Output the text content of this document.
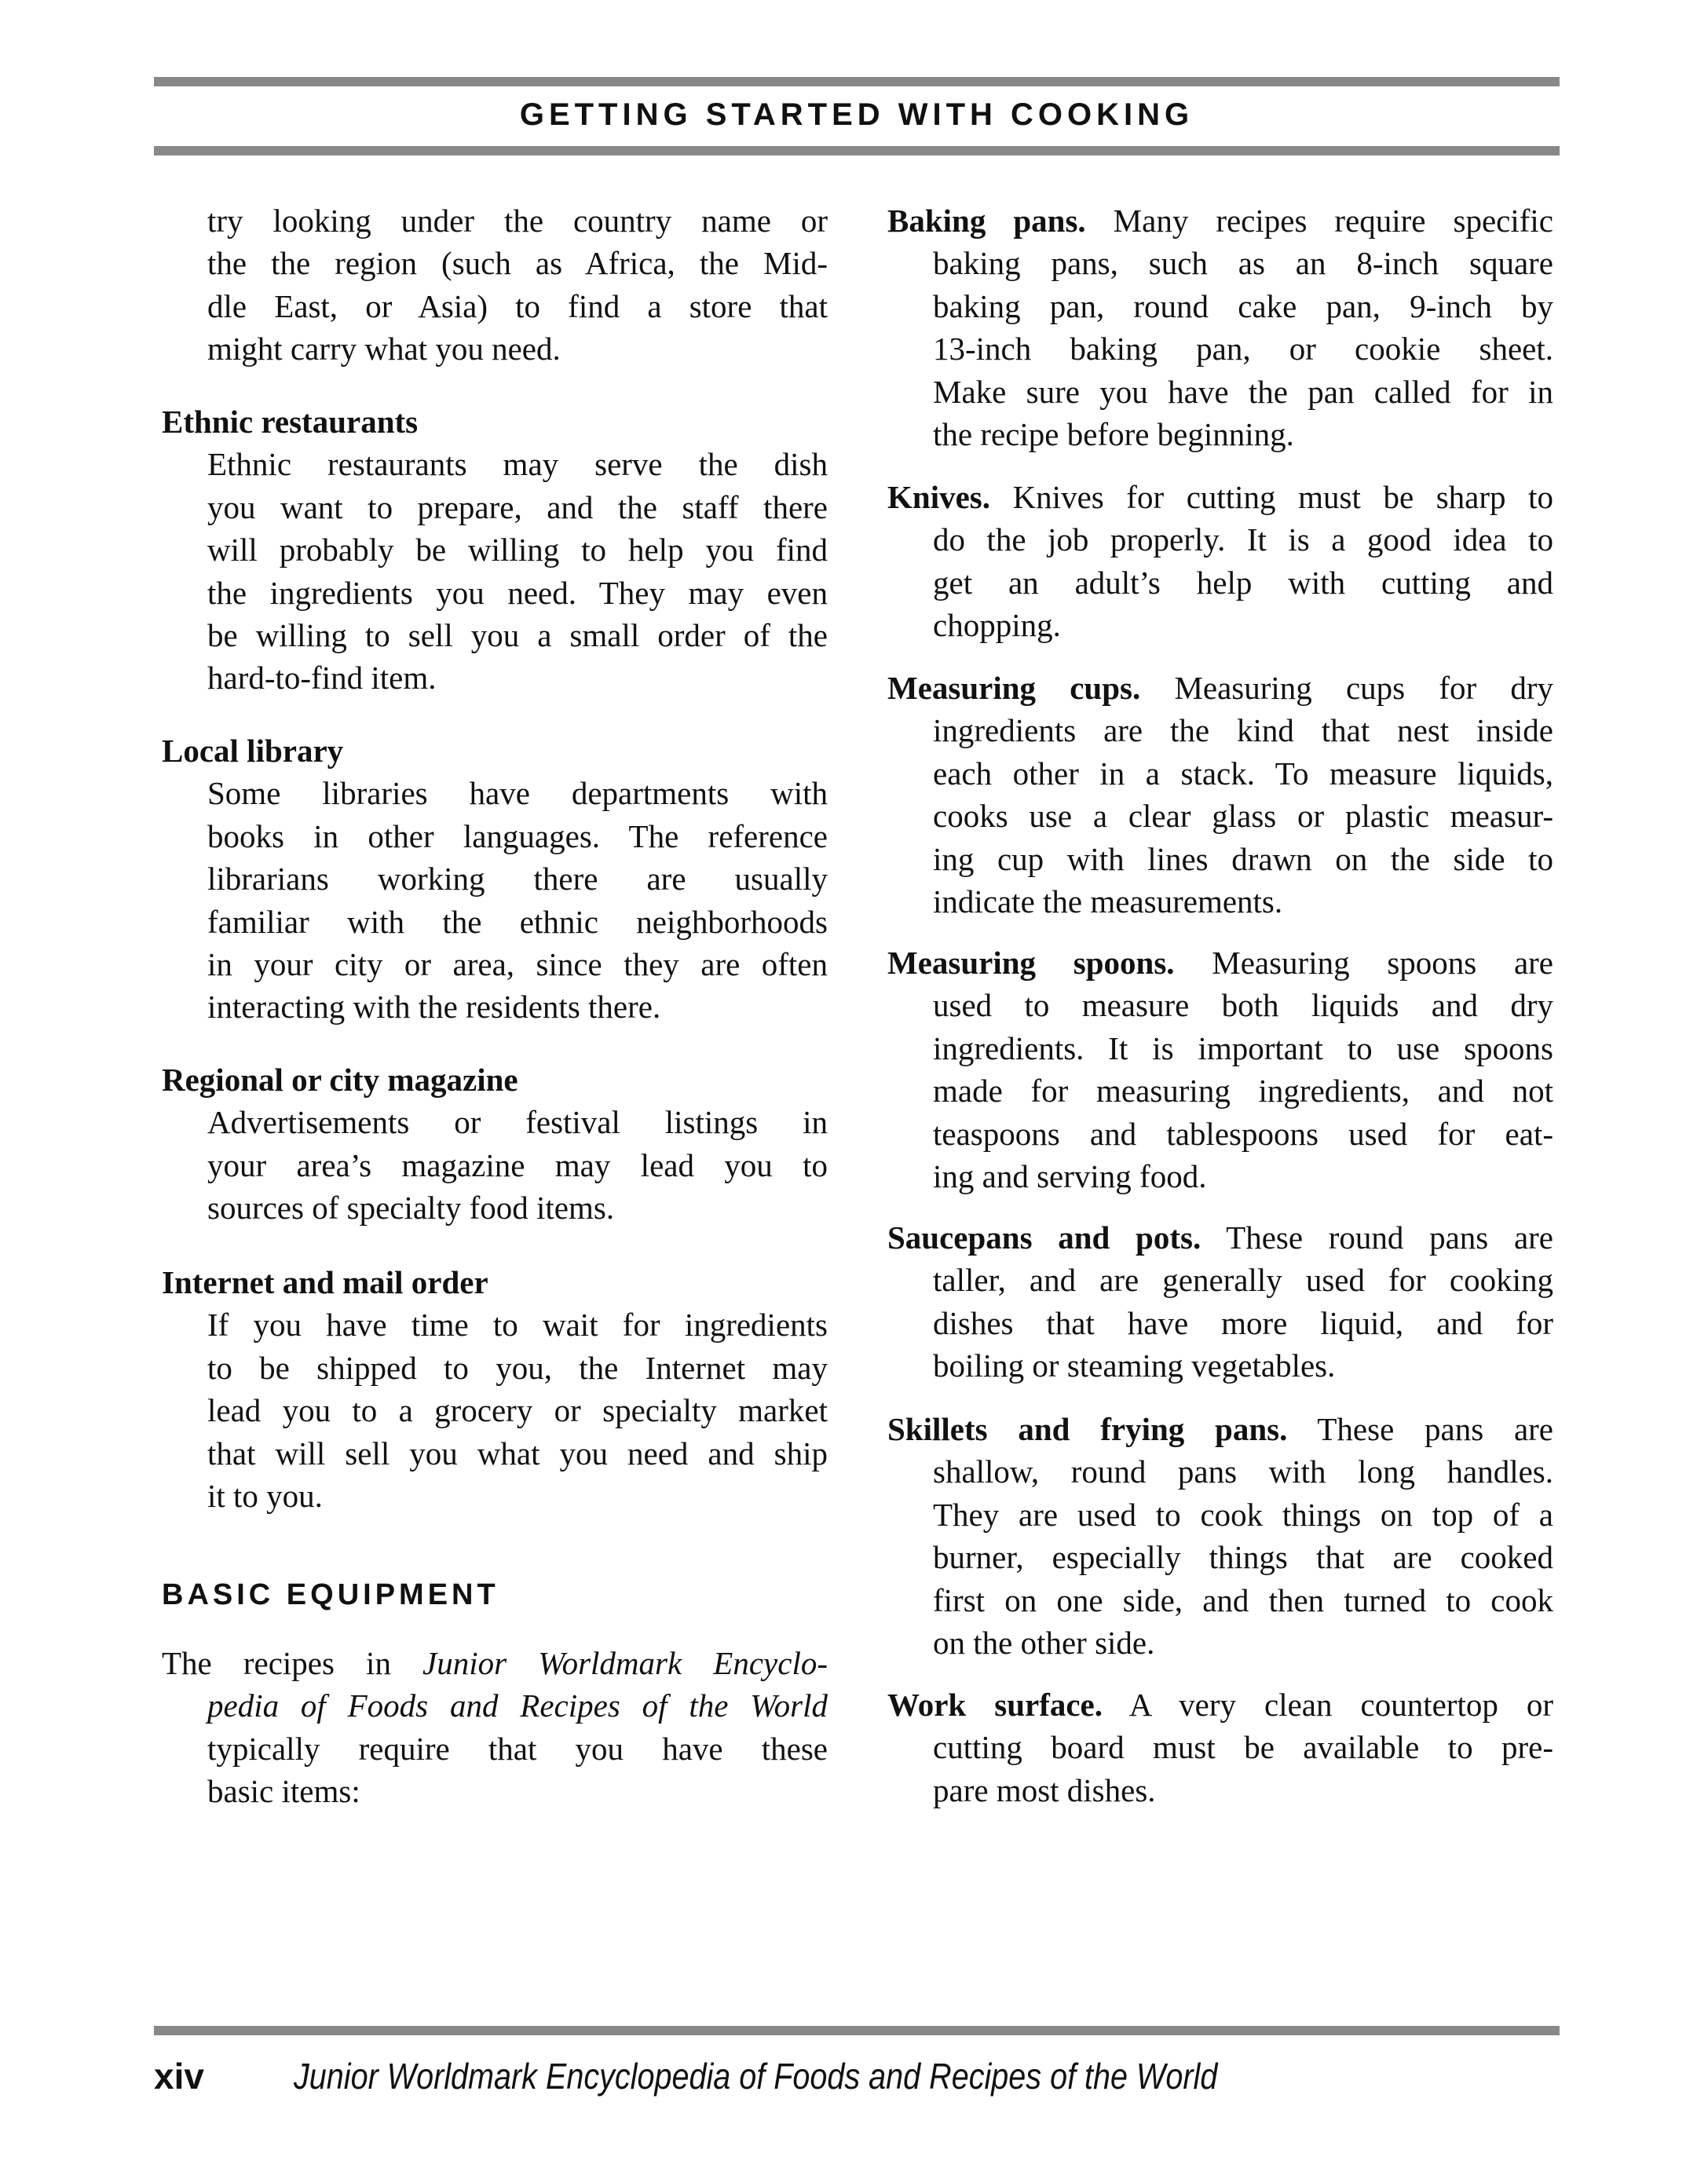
GETTING STARTED WITH COOKING
try looking under the country name or
the the region (such as Africa, the Mid-
dle East, or Asia) to find a store that
might carry what you need.
Ethnic restaurants
Ethnic restaurants may serve the dish
you want to prepare, and the staff there
will probably be willing to help you find
the ingredients you need. They may even
be willing to sell you a small order of the
hard-to-find item.
Local library
Some libraries have departments with
books in other languages. The reference
librarians working there are usually
familiar with the ethnic neighborhoods
in your city or area, since they are often
interacting with the residents there.
Regional or city magazine
Advertisements or festival listings in
your area’s magazine may lead you to
sources of specialty food items.
Internet and mail order
If you have time to wait for ingredients
to be shipped to you, the Internet may
lead you to a grocery or specialty market
that will sell you what you need and ship
it to you.
BASIC EQUIPMENT
The recipes in Junior Worldmark Encyclo-
pedia of Foods and Recipes of the World
typically require that you have these
basic items:
Baking pans. Many recipes require specific
baking pans, such as an 8-inch square
baking pan, round cake pan, 9-inch by
13-inch baking pan, or cookie sheet.
Make sure you have the pan called for in
the recipe before beginning.
Knives. Knives for cutting must be sharp to
do the job properly. It is a good idea to
get an adult’s help with cutting and
chopping.
Measuring cups. Measuring cups for dry
ingredients are the kind that nest inside
each other in a stack. To measure liquids,
cooks use a clear glass or plastic measur-
ing cup with lines drawn on the side to
indicate the measurements.
Measuring spoons. Measuring spoons are
used to measure both liquids and dry
ingredients. It is important to use spoons
made for measuring ingredients, and not
teaspoons and tablespoons used for eat-
ing and serving food.
Saucepans and pots. These round pans are
taller, and are generally used for cooking
dishes that have more liquid, and for
boiling or steaming vegetables.
Skillets and frying pans. These pans are
shallow, round pans with long handles.
They are used to cook things on top of a
burner, especially things that are cooked
first on one side, and then turned to cook
on the other side.
Work surface. A very clean countertop or
cutting board must be available to pre-
pare most dishes.
xiv Junior Worldmark Encyclopedia of Foods and Recipes of the World
